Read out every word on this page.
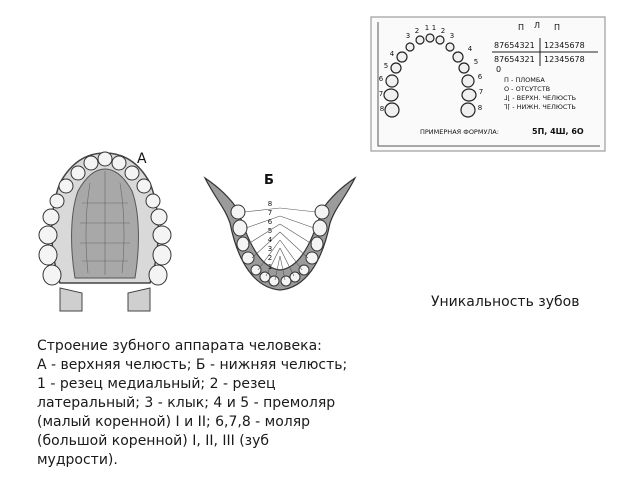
А
8
7
6
5
4
3
2
1
Б
3
2 1 1 2
3
4
5
6
7
8
4
5
6
7
8
П Л П
87654321 12345678
87654321 12345678
0
П - ПЛОМБА
О - ОТСУТСТВ
⅃⌊ - ВЕРХН. ЧЕЛЮСТЬ
⅂⌈ - НИЖН. ЧЕЛЮСТЬ
ПРИМЕРНАЯ ФОРМУЛА:	5П, 4Ш, 6О

Уникальность зубов

Строение зубного аппарата человека:
А - верхняя челюсть; Б - нижняя челюсть;
1 - резец медиальный; 2 - резец
латеральный; 3 - клык; 4 и 5 - премоляр
(малый коренной) I и II; 6,7,8 - моляр
(большой коренной) I, II, III (зуб
мудрости).
